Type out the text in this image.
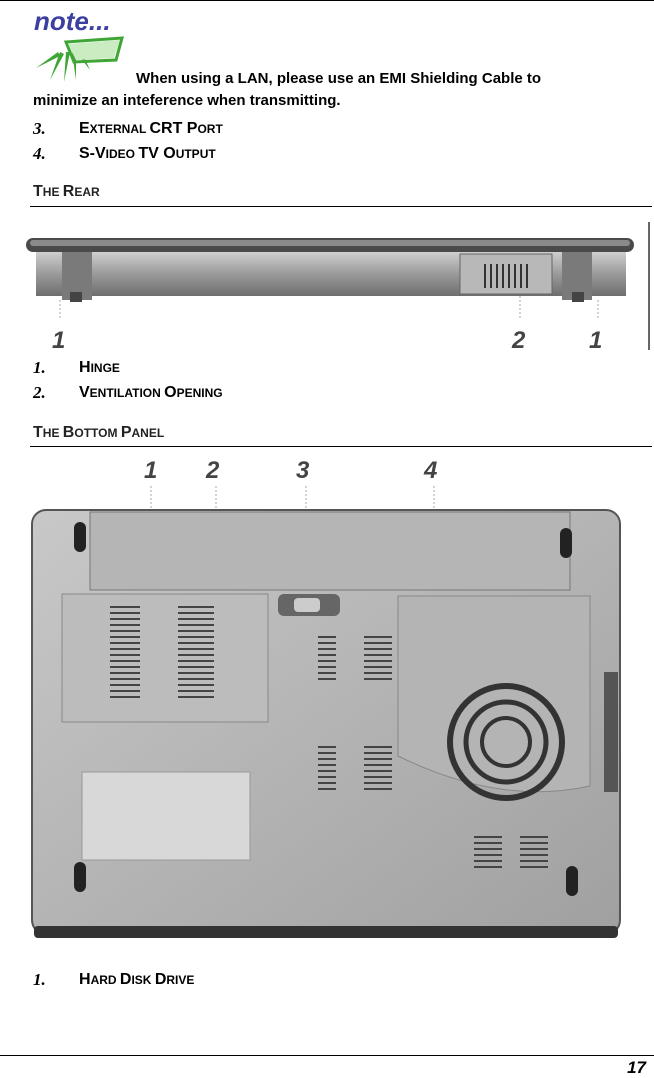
note...
When using a LAN, please use an EMI Shielding Cable to
minimize an inteference when transmitting.
3. EXTERNAL CRT PORT
4. S-VIDEO TV OUTPUT
THE REAR
1	2	1
1. HINGE
2. VENTILATION OPENING
THE BOTTOM PANEL
1 2	3	4
1. HARD DISK DRIVE
17
